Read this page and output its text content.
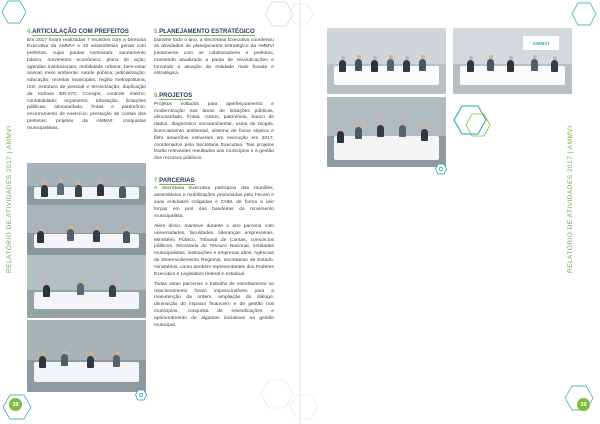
RELATÓRIO DE ATIVIDADES 2017 | AMMVI	RELATÓRIO DE ATIVIDADES 2017 | AMMVI
38	39
4.ARTICULAÇÃO COM PREFEITOS

Em 2017 foram realizadas 7 reuniões com a Diretoria Executiva da AMMVI e 10 assembleias gerais com prefeitos, cujas pautas nortearam: saneamento básico; movimento econômico; plano de ação; agendas institucionais; mobilidade urbana; bem-estar animal; meio ambiente; saúde pública; judicialização; educação; receitas municipais; região metropolitana; ISS; estrutura de pessoal e terceirização; duplicação da rodovia BR-470; Consips; controle interno; contabilidade; orçamento; tributação; licitações públicas; almoxarifado, frotas e patrimônio; encerramento de exercício; prestação de contas dos prefeitos; projetos da AMMVI; conquistas municipalistas.

5.PLANEJAMENTO ESTRATÉGICO

Durante todo o ano, a Secretaria Executiva coordenou as atividades de planejamento estratégico da AMMVI juntamente com os colaboradores e prefeitos, mantendo atualizada a pauta de reivindicações e tornando a atuação da entidade mais focada e estratégica.

6.PROJETOS

Projetos voltados para aperfeiçoamento e modernização nas áreas de licitações públicas, almoxarifado, frotas, custos, patrimônio, banco de dados, diagnóstico socioambiental, usina de biogás, licenciamento ambiental, sistema de fossa séptica e filtro anaeróbio estiveram em execução em 2017, coordenados pela Secretaria Executiva. Tais projetos trarão relevantes resultados aos municípios e à gestão dos recursos públicos.

7.PARCERIAS

A Secretaria Executiva participou das reuniões, assembleias e mobilizações promovidas pela Fecam e suas entidades coligadas e CNM, de forma a unir forças em prol das bandeiras do movimento municipalista.

Além disso, manteve durante o ano parceria com universidades, faculdades, lideranças empresariais, Ministério Público, Tribunal de Contas, consórcios públicos, Secretaria do Tesouro Nacional, entidades municipalistas, instituições e empresas afins, Agências de Desenvolvimento Regional, secretarias de Estado, ministérios, como também representantes dos Poderes Executivo e Legislativo federal e estadual.

Todas estas parcerias e trabalho de estreitamento no relacionamento foram imprescindíveis para a manutenção da ordem, ampliação do diálogo, diminuição do impacto financeiro e de gestão nos municípios, conquista de reivindicações e aprimoramento de algumas iniciativas na gestão municipal.

AMMVI
